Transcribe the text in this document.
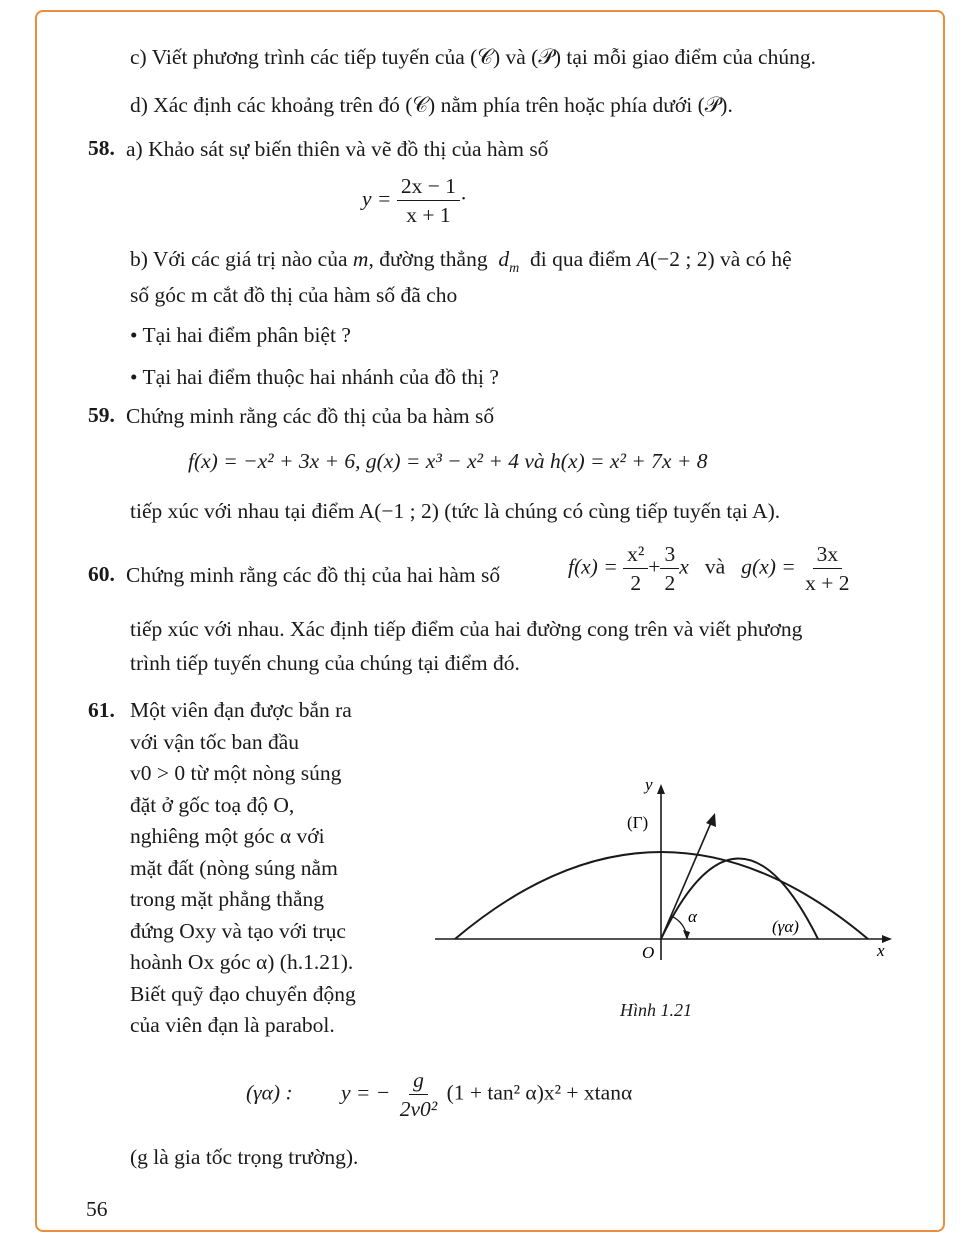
c) Viết phương trình các tiếp tuyến của (𝒞) và (𝒫) tại mỗi giao điểm của chúng.
d) Xác định các khoảng trên đó (𝒞) nằm phía trên hoặc phía dưới (𝒫).
58. a) Khảo sát sự biến thiên và vẽ đồ thị của hàm số
$y = \frac{2x - 1}{x + 1}$ ·
b) Với các giá trị nào của m, đường thẳng $d_m$ đi qua điểm A(−2 ; 2) và có hệ
số góc m cắt đồ thị của hàm số đã cho
• Tại hai điểm phân biệt ?
• Tại hai điểm thuộc hai nhánh của đồ thị ?
59. Chứng minh rằng các đồ thị của ba hàm số
f(x) = −x² + 3x + 6, g(x) = x³ − x² + 4 và h(x) = x² + 7x + 8
tiếp xúc với nhau tại điểm A(−1 ; 2) (tức là chúng có cùng tiếp tuyến tại A).
60. Chứng minh rằng các đồ thị của hai hàm số	$f(x) = \frac{\text{x²}}{2} + \frac{3}{2}$ x và $g(x) = \frac{3x}{x + 2}$
tiếp xúc với nhau. Xác định tiếp điểm của hai đường cong trên và viết phương
trình tiếp tuyến chung của chúng tại điểm đó.
61. Một viên đạn được bắn ra
với vận tốc ban đầu
v0 > 0 từ một nòng súng
đặt ở gốc toạ độ O,
nghiêng một góc α với
mặt đất (nòng súng nằm
trong mặt phẳng thẳng
đứng Oxy và tạo với trục
hoành Ox góc α) (h.1.21).
Biết quỹ đạo chuyển động
của viên đạn là parabol.
y
x
O
(Γ)
(γα)
α
Hình 1.21
(γα) : y = − $\frac{g}{\text{2v0²}} (1 + \tan^2$ α)x² + xtanα
(g là gia tốc trọng trường).
56
